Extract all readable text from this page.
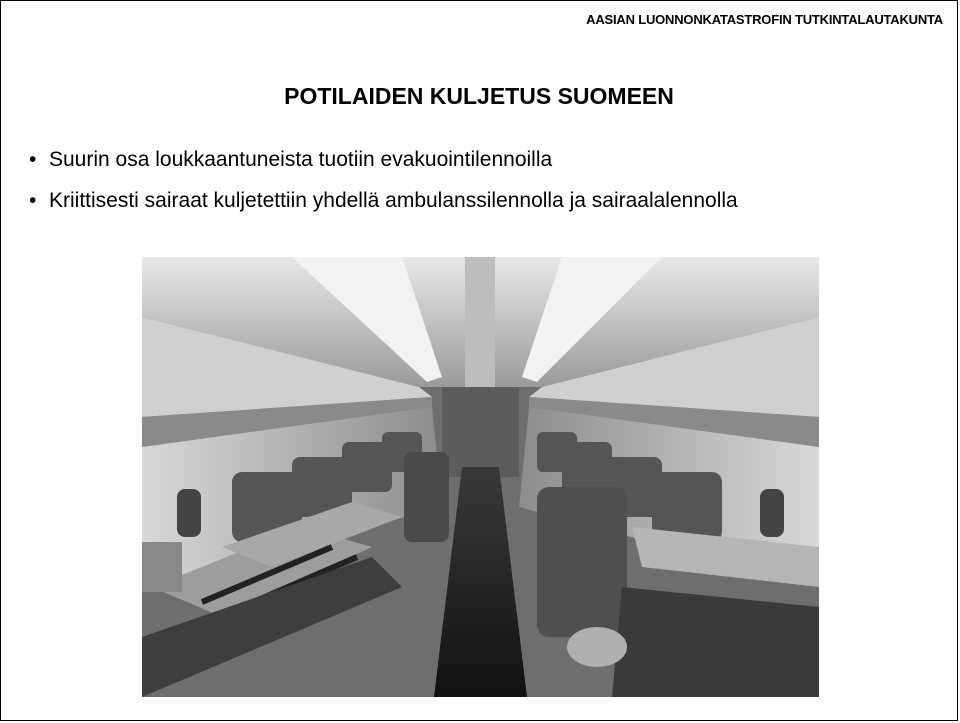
AASIAN LUONNONKATASTROFIN TUTKINTALAUTAKUNTA
POTILAIDEN KULJETUS SUOMEEN
• Suurin osa loukkaantuneista tuotiin evakuointilennoilla
• Kriittisesti sairaat kuljetettiin yhdellä ambulanssilennolla ja sairaalalennolla
